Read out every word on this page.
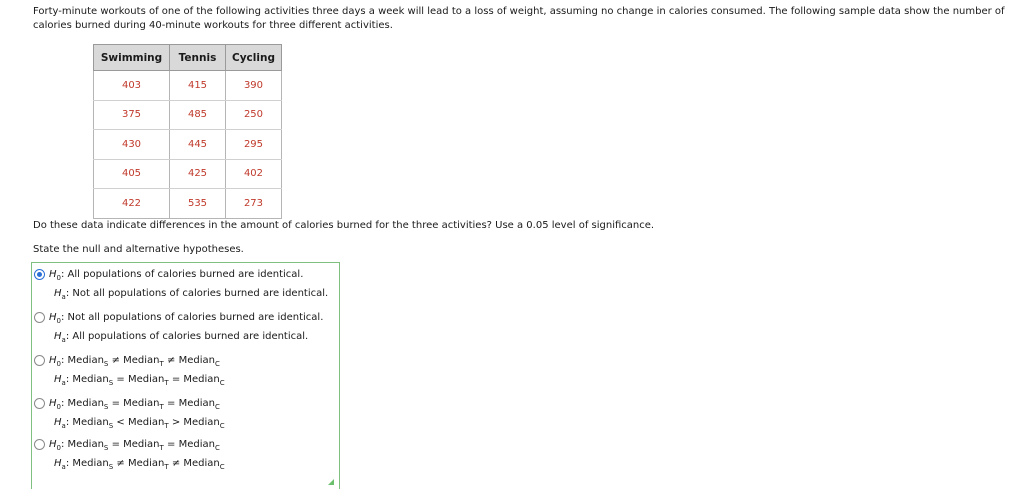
Forty-minute workouts of one of the following activities three days a week will lead to a loss of weight, assuming no change in calories consumed. The following sample data show the number of calories burned during 40-minute workouts for three different activities.
Swimming	Tennis	Cycling
403	415	390
375	485	250
430	445	295
405	425	402
422	535	273
Do these data indicate differences in the amount of calories burned for the three activities? Use a 0.05 level of significance.
State the null and alternative hypotheses.
$H_0$: All populations of calories burned are identical.
$H_a$: Not all populations of calories burned are identical.
$H_0$: Not all populations of calories burned are identical.
$H_a$: All populations of calories burned are identical.
$H_0$: Median$_S$ ≠ Median$_T$ ≠ Median$_C$
$H_a$: Median$_S$ = Median$_T$ = Median$_C$
$H_0$: Median$_S$ = Median$_T$ = Median$_C$
$H_a$: Median$_S$ < Median$_T$ > Median$_C$
$H_0$: Median$_S$ = Median$_T$ = Median$_C$
$H_a$: Median$_S$ ≠ Median$_T$ ≠ Median$_C$
